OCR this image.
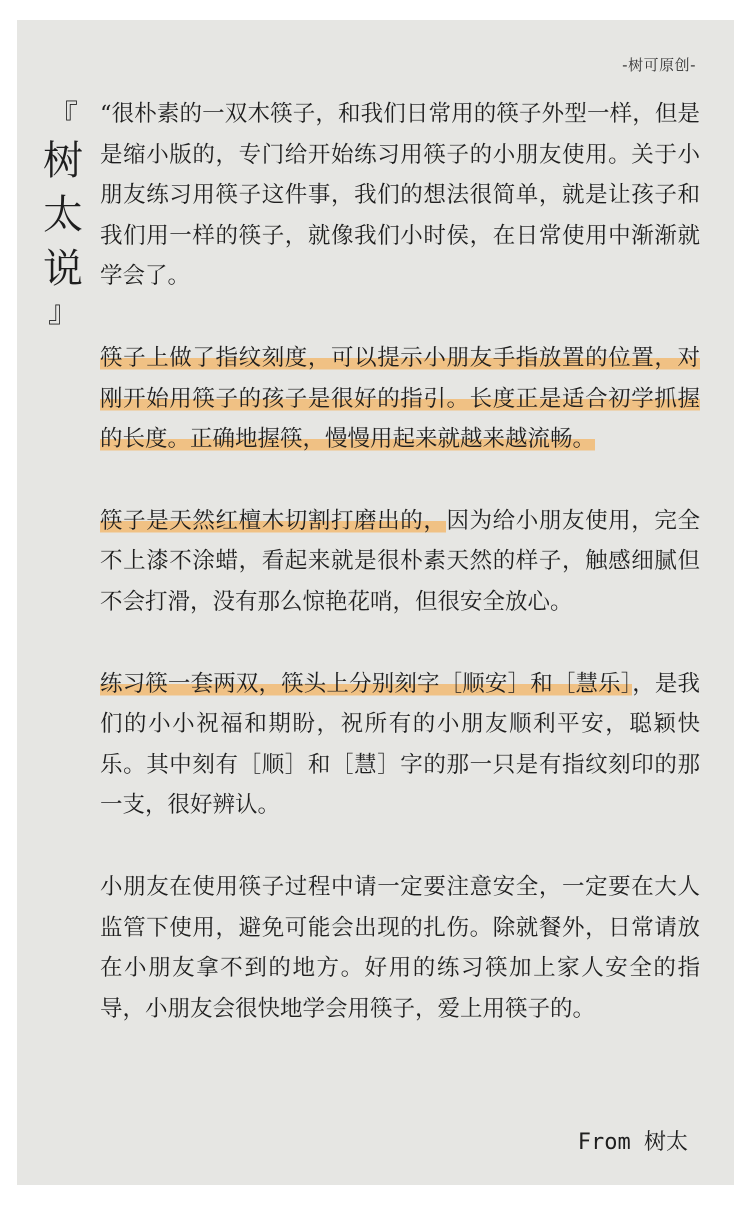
-树可原创-
『
树
太
说
』

“很朴素的一双木筷子，和我们日常用的筷子外型一样，但是是缩小版的，专门给开始练习用筷子的小朋友使用。关于小朋友练习用筷子这件事，我们的想法很简单，就是让孩子和我们用一样的筷子，就像我们小时侯，在日常使用中渐渐就学会了。

筷子上做了指纹刻度，可以提示小朋友手指放置的位置，对刚开始用筷子的孩子是很好的指引。长度正是适合初学抓握的长度。正确地握筷，慢慢用起来就越来越流畅。

筷子是天然红檀木切割打磨出的，因为给小朋友使用，完全不上漆不涂蜡，看起来就是很朴素天然的样子，触感细腻但不会打滑，没有那么惊艳花哨，但很安全放心。

练习筷一套两双，筷头上分别刻字［顺安］和［慧乐］，是我们的小小祝福和期盼，祝所有的小朋友顺利平安，聪颖快乐。其中刻有［顺］和［慧］字的那一只是有指纹刻印的那一支，很好辨认。

小朋友在使用筷子过程中请一定要注意安全，一定要在大人监管下使用，避免可能会出现的扎伤。除就餐外，日常请放在小朋友拿不到的地方。好用的练习筷加上家人安全的指导，小朋友会很快地学会用筷子，爱上用筷子的。

From 树太
